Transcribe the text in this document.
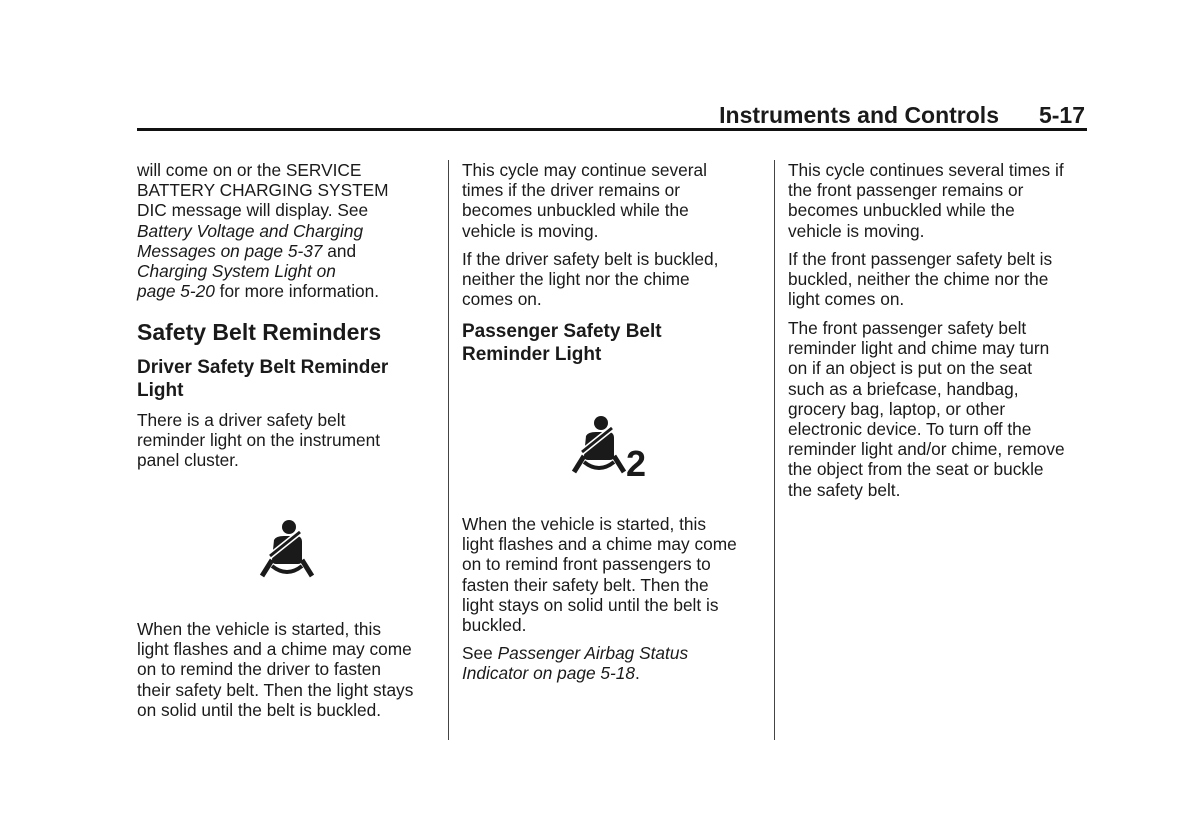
Instruments and Controls 5-17

will come on or the SERVICE

BATTERY CHARGING SYSTEM

DIC message will display. See

Battery Voltage and Charging

Messages on page 5-37 and

Charging System Light on

page 5-20 for more information.

Safety Belt Reminders

Driver Safety Belt Reminder

Light

There is a driver safety belt

reminder light on the instrument

panel cluster.

When the vehicle is started, this

light flashes and a chime may come

on to remind the driver to fasten

their safety belt. Then the light stays

on solid until the belt is buckled.

This cycle may continue several

times if the driver remains or

becomes unbuckled while the

vehicle is moving.

If the driver safety belt is buckled,

neither the light nor the chime

comes on.

Passenger Safety Belt

Reminder Light

2

When the vehicle is started, this

light flashes and a chime may come

on to remind front passengers to

fasten their safety belt. Then the

light stays on solid until the belt is

buckled.

See Passenger Airbag Status

Indicator on page 5-18.

This cycle continues several times if

the front passenger remains or

becomes unbuckled while the

vehicle is moving.

If the front passenger safety belt is

buckled, neither the chime nor the

light comes on.

The front passenger safety belt

reminder light and chime may turn

on if an object is put on the seat

such as a briefcase, handbag,

grocery bag, laptop, or other

electronic device. To turn off the

reminder light and/or chime, remove

the object from the seat or buckle

the safety belt.
